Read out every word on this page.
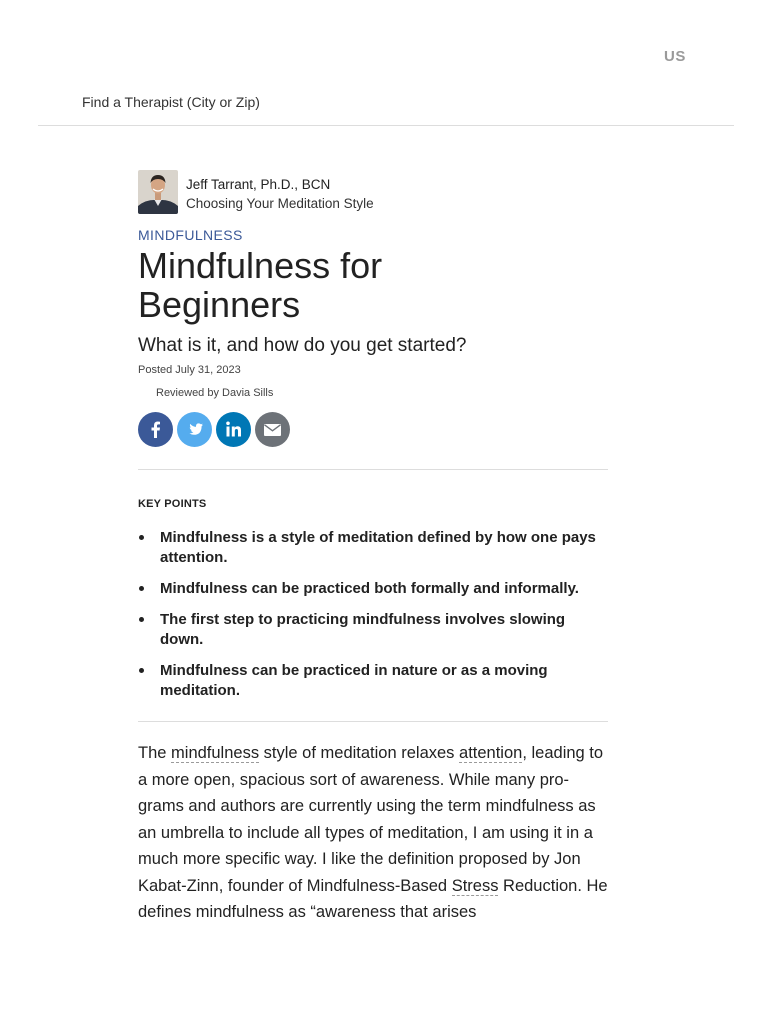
US
Find a Therapist (City or Zip)
Jeff Tarrant, Ph.D., BCN
Choosing Your Meditation Style
MINDFULNESS
Mindfulness for
Beginners
What is it, and how do you get started?
Posted July 31, 2023
Reviewed by Davia Sills
KEY POINTS
Mindfulness is a style of meditation defined by how one pays attention.
Mindfulness can be practiced both formally and informally.
The first step to practicing mindfulness involves slowing down.
Mindfulness can be practiced in nature or as a moving meditation.
The mindfulness style of meditation relaxes attention, leading to a more open, spacious sort of awareness. While many programs and authors are currently using the term mindfulness as an umbrella to include all types of meditation, I am using it in a much more specific way. I like the definition proposed by Jon Kabat-Zinn, founder of Mindfulness-Based Stress Reduction. He defines mindfulness as “awareness that arises
